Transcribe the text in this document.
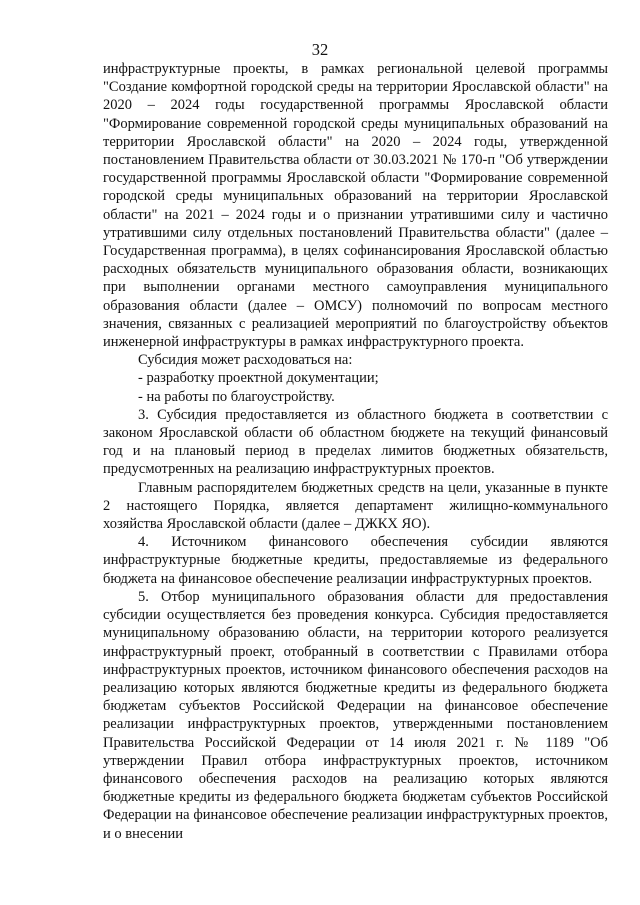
32

инфраструктурные проекты, в рамках региональной целевой программы "Создание комфортной городской среды на территории Ярославской области" на 2020 – 2024 годы государственной программы Ярославской области "Формирование современной городской среды муниципальных образований на территории Ярославской области" на 2020 – 2024 годы, утвержденной постановлением Правительства области от 30.03.2021 № 170-п "Об утверждении государственной программы Ярославской области "Формирование современной городской среды муниципальных образований на территории Ярославской области" на 2021 – 2024 годы и о признании утратившими силу и частично утратившими силу отдельных постановлений Правительства области" (далее – Государственная программа), в целях софинансирования Ярославской областью расходных обязательств муниципального образования области, возникающих при выполнении органами местного самоуправления муниципального образования области (далее – ОМСУ) полномочий по вопросам местного значения, связанных с реализацией мероприятий по благоустройству объектов инженерной инфраструктуры в рамках инфраструктурного проекта.

Субсидия может расходоваться на:

- разработку проектной документации;

- на работы по благоустройству.

3. Субсидия предоставляется из областного бюджета в соответствии с законом Ярославской области об областном бюджете на текущий финансовый год и на плановый период в пределах лимитов бюджетных обязательств, предусмотренных на реализацию инфраструктурных проектов.

Главным распорядителем бюджетных средств на цели, указанные в пункте 2 настоящего Порядка, является департамент жилищно-коммунального хозяйства Ярославской области (далее – ДЖКХ ЯО).

4. Источником финансового обеспечения субсидии являются инфраструктурные бюджетные кредиты, предоставляемые из федерального бюджета на финансовое обеспечение реализации инфраструктурных проектов.

5. Отбор муниципального образования области для предоставления субсидии осуществляется без проведения конкурса. Субсидия предоставляется муниципальному образованию области, на территории которого реализуется инфраструктурный проект, отобранный в соответствии с Правилами отбора инфраструктурных проектов, источником финансового обеспечения расходов на реализацию которых являются бюджетные кредиты из федерального бюджета бюджетам субъектов Российской Федерации на финансовое обеспечение реализации инфраструктурных проектов, утвержденными постановлением Правительства Российской Федерации от 14 июля 2021 г. № 1189 "Об утверждении Правил отбора инфраструктурных проектов, источником финансового обеспечения расходов на реализацию которых являются бюджетные кредиты из федерального бюджета бюджетам субъектов Российской Федерации на финансовое обеспечение реализации инфраструктурных проектов, и о внесении
